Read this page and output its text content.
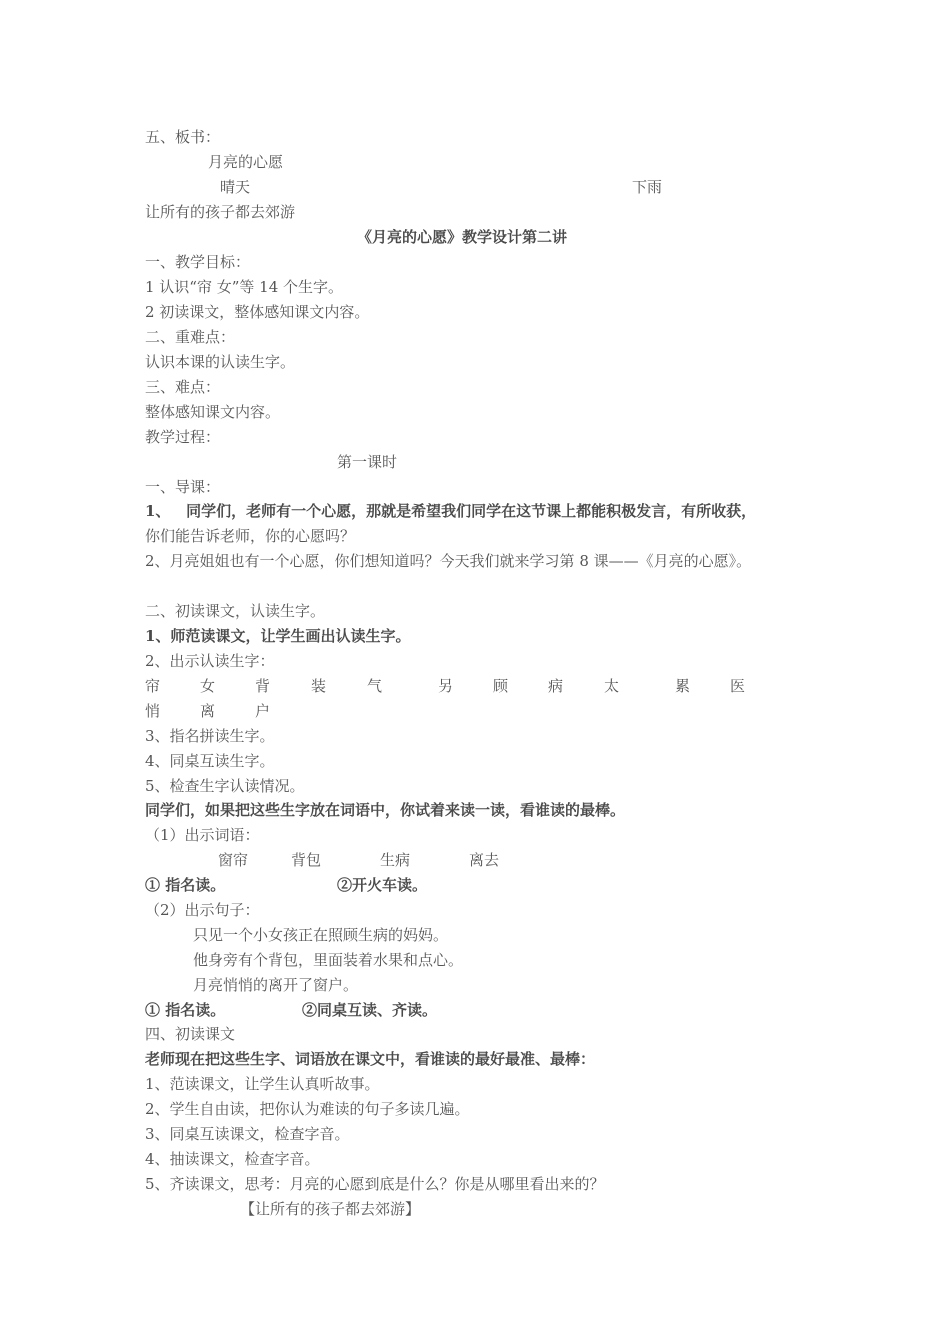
五、板书：
月亮的心愿
晴天	下雨
让所有的孩子都去郊游
《月亮的心愿》教学设计第二讲
一、教学目标：
1 认识“帘 女”等 14 个生字。
2 初读课文，整体感知课文内容。
二、重难点：
认识本课的认读生字。
三、难点：
整体感知课文内容。
教学过程：
第一课时
一、导课：
1、   同学们，老师有一个心愿，那就是希望我们同学在这节课上都能积极发言，有所收获，
你们能告诉老师，你的心愿吗？
2、月亮姐姐也有一个心愿，你们想知道吗？今天我们就来学习第 8 课——《月亮的心愿》。
二、初读课文，认读生字。
1、师范读课文，让学生画出认读生字。
2、出示认读生字：
帘	女	背	装	气	另	顾	病	太	累	医
悄	离	户
3、指名拼读生字。
4、同桌互读生字。
5、检查生字认读情况。
同学们，如果把这些生字放在词语中，你试着来读一读，看谁读的最棒。
（1）出示词语：
窗帘	背包	生病	离去
① 指名读。	②开火车读。
（2）出示句子：
只见一个小女孩正在照顾生病的妈妈。
他身旁有个背包，里面装着水果和点心。
月亮悄悄的离开了窗户。
① 指名读。	②同桌互读、齐读。
四、初读课文
老师现在把这些生字、词语放在课文中，看谁读的最好最准、最棒：
1、范读课文，让学生认真听故事。
2、学生自由读，把你认为难读的句子多读几遍。
3、同桌互读课文，检查字音。
4、抽读课文，检查字音。
5、齐读课文，思考：月亮的心愿到底是什么？你是从哪里看出来的？
【让所有的孩子都去郊游】
